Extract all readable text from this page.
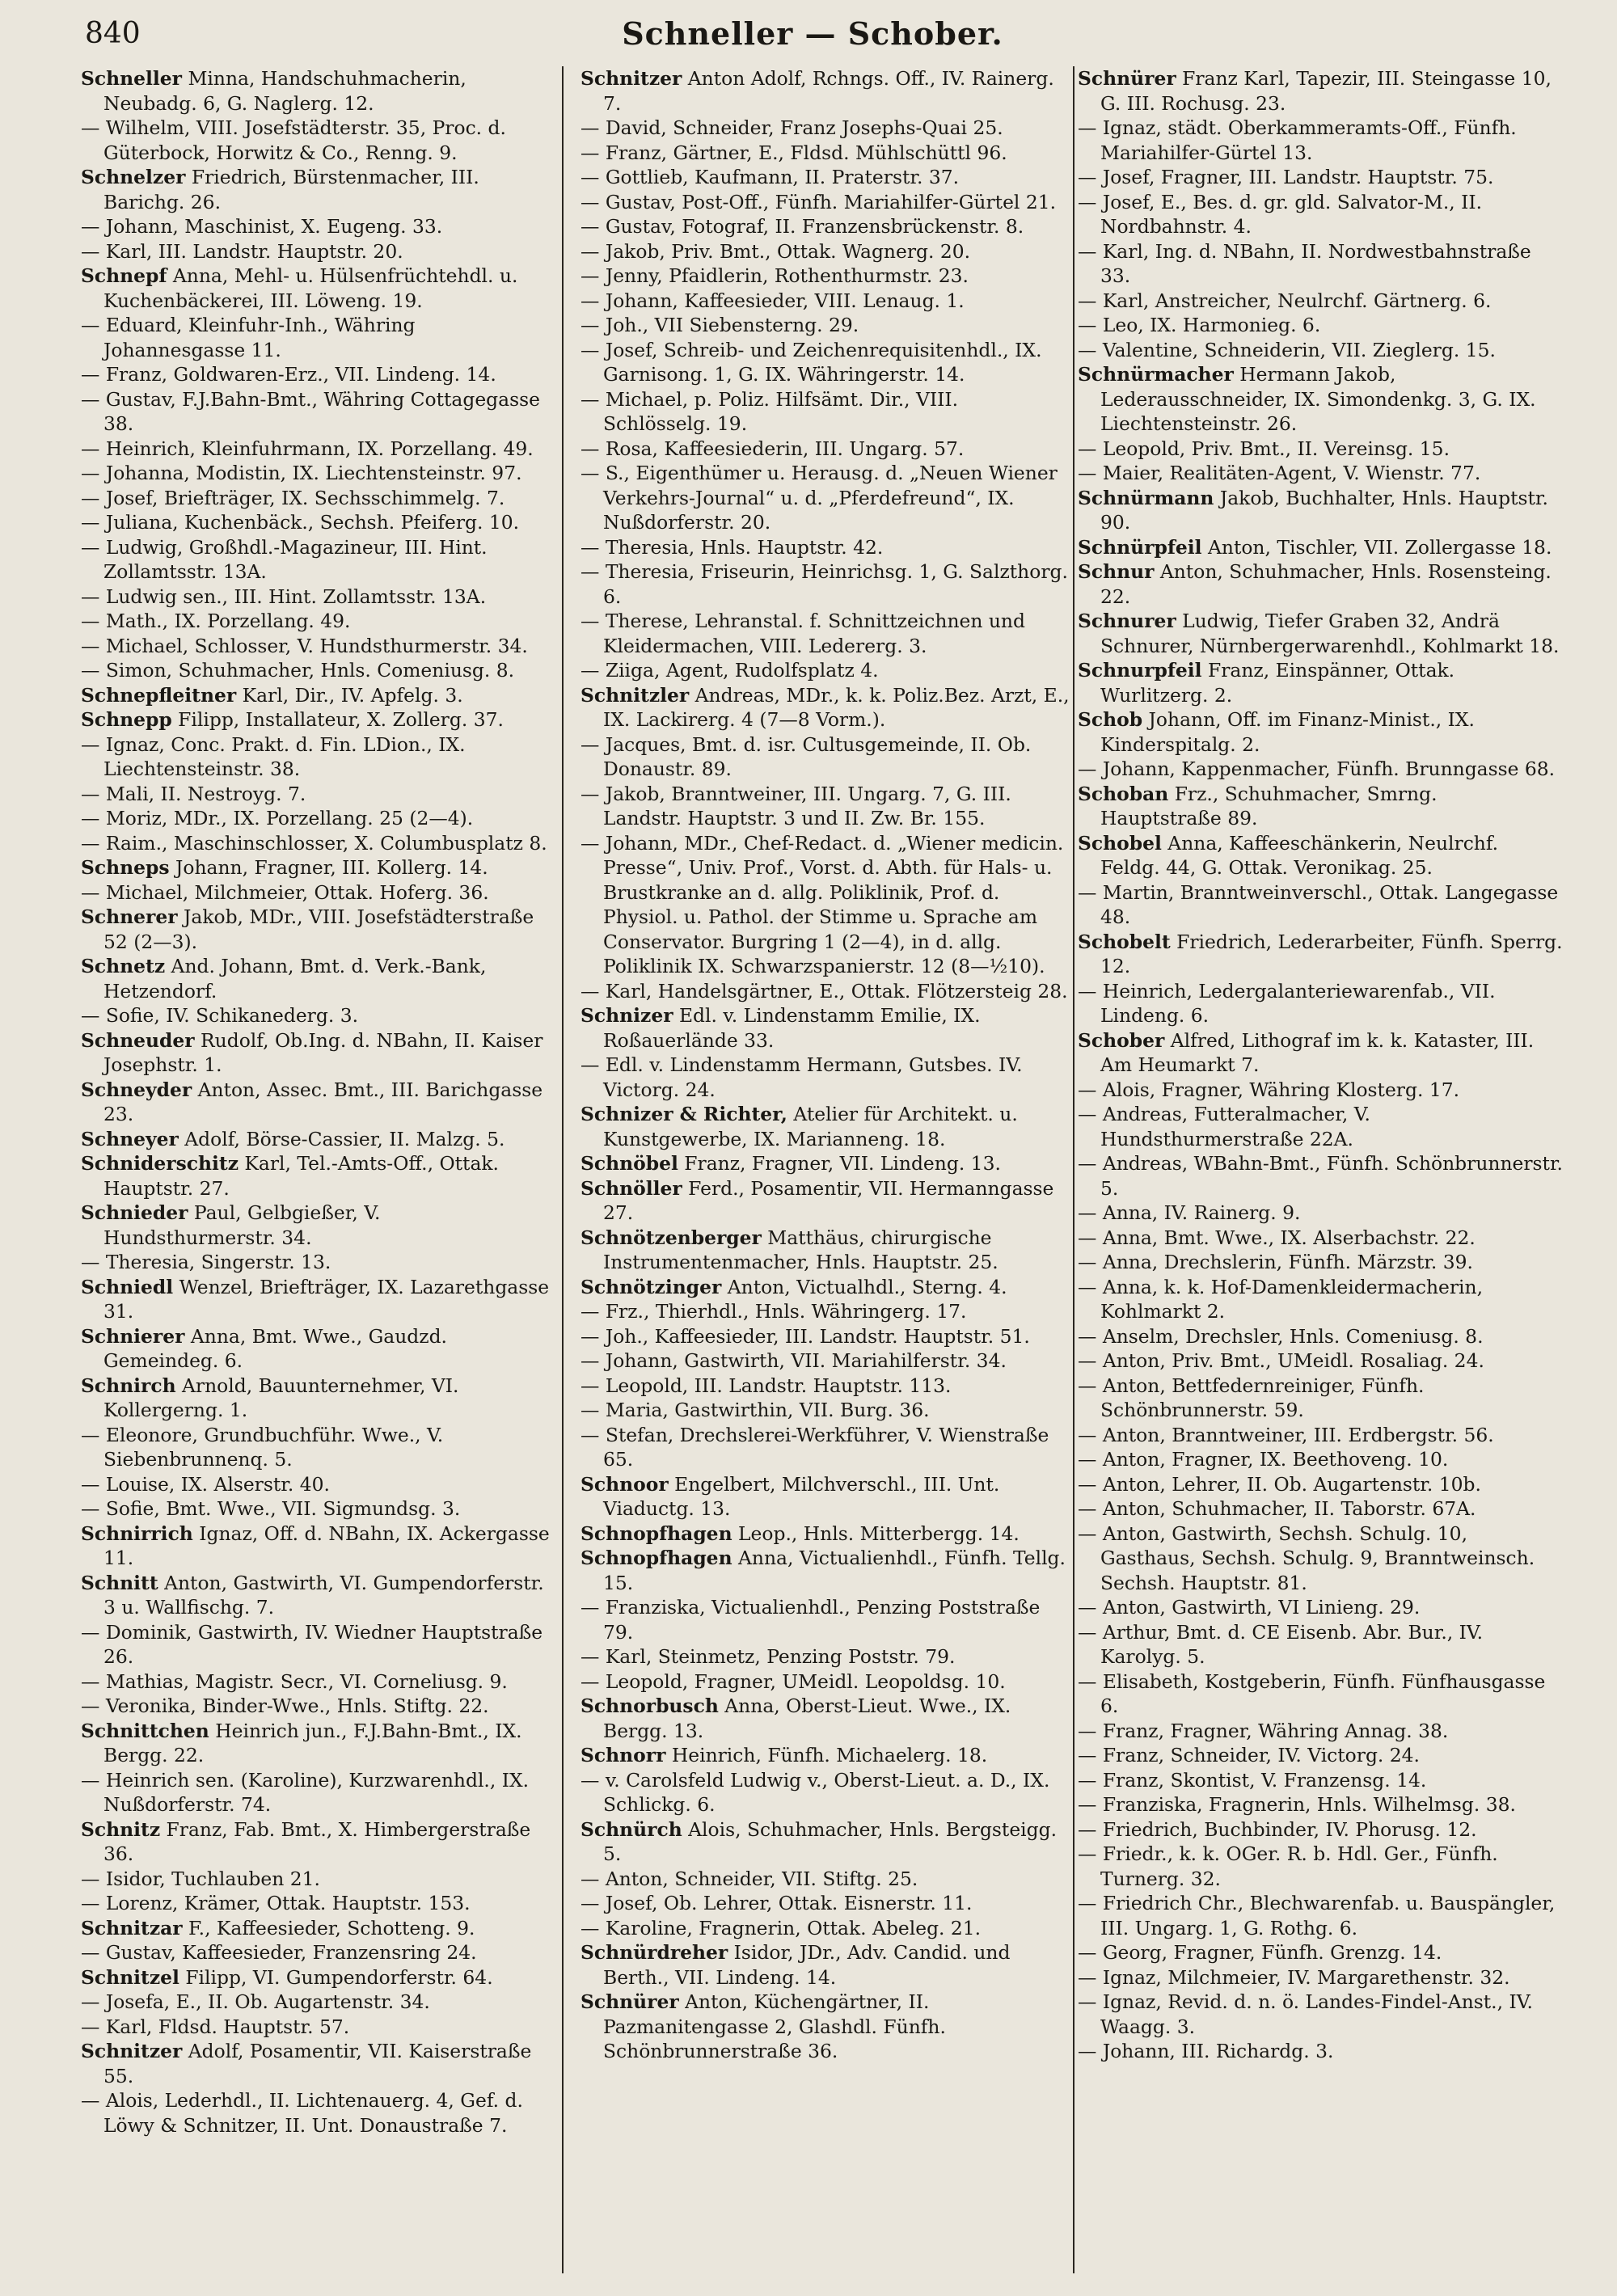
840	Schneller — Schober.
Schneller Minna, Handschuhmacherin, Neubadg. 6, G. Naglerg. 12.
— Wilhelm, VIII. Josefstädterstr. 35, Proc. d. Güterbock, Horwitz & Co., Renng. 9.
Schnelzer Friedrich, Bürstenmacher, III. Barichg. 26.
— Johann, Maschinist, X. Eugeng. 33.
— Karl, III. Landstr. Hauptstr. 20.
Schnepf Anna, Mehl- u. Hülsenfrüchtehdl. u. Kuchenbäckerei, III. Löweng. 19.
— Eduard, Kleinfuhr-Inh., Währing Johannesgasse 11.
— Franz, Goldwaren-Erz., VII. Lindeng. 14.
— Gustav, F.J.Bahn-Bmt., Währing Cottagegasse 38.
— Heinrich, Kleinfuhrmann, IX. Porzellang. 49.
— Johanna, Modistin, IX. Liechtensteinstr. 97.
— Josef, Briefträger, IX. Sechsschimmelg. 7.
— Juliana, Kuchenbäck., Sechsh. Pfeiferg. 10.
— Ludwig, Großhdl.-Magazineur, III. Hint. Zollamtsstr. 13A.
— Ludwig sen., III. Hint. Zollamtsstr. 13A.
— Math., IX. Porzellang. 49.
— Michael, Schlosser, V. Hundsthurmerstr. 34.
— Simon, Schuhmacher, Hnls. Comeniusg. 8.
Schnepfleitner Karl, Dir., IV. Apfelg. 3.
Schnepp Filipp, Installateur, X. Zollerg. 37.
— Ignaz, Conc. Prakt. d. Fin. LDion., IX. Liechtensteinstr. 38.
— Mali, II. Nestroyg. 7.
— Moriz, MDr., IX. Porzellang. 25 (2—4).
— Raim., Maschinschlosser, X. Columbusplatz 8.
Schneps Johann, Fragner, III. Kollerg. 14.
— Michael, Milchmeier, Ottak. Hoferg. 36.
Schnerer Jakob, MDr., VIII. Josefstädterstraße 52 (2—3).
Schnetz And. Johann, Bmt. d. Verk.-Bank, Hetzendorf.
— Sofie, IV. Schikanederg. 3.
Schneuder Rudolf, Ob.Ing. d. NBahn, II. Kaiser Josephstr. 1.
Schneyder Anton, Assec. Bmt., III. Barichgasse 23.
Schneyer Adolf, Börse-Cassier, II. Malzg. 5.
Schniderschitz Karl, Tel.-Amts-Off., Ottak. Hauptstr. 27.
Schnieder Paul, Gelbgießer, V. Hundsthurmerstr. 34.
— Theresia, Singerstr. 13.
Schniedl Wenzel, Briefträger, IX. Lazarethgasse 31.
Schnierer Anna, Bmt. Wwe., Gaudzd. Gemeindeg. 6.
Schnirch Arnold, Bauunternehmer, VI. Kollergerng. 1.
— Eleonore, Grundbuchführ. Wwe., V. Siebenbrunnenq. 5.
— Louise, IX. Alserstr. 40.
— Sofie, Bmt. Wwe., VII. Sigmundsg. 3.
Schnirrich Ignaz, Off. d. NBahn, IX. Ackergasse 11.
Schnitt Anton, Gastwirth, VI. Gumpendorferstr. 3 u. Wallfischg. 7.
— Dominik, Gastwirth, IV. Wiedner Hauptstraße 26.
— Mathias, Magistr. Secr., VI. Corneliusg. 9.
— Veronika, Binder-Wwe., Hnls. Stiftg. 22.
Schnittchen Heinrich jun., F.J.Bahn-Bmt., IX. Bergg. 22.
— Heinrich sen. (Karoline), Kurzwarenhdl., IX. Nußdorferstr. 74.
Schnitz Franz, Fab. Bmt., X. Himbergerstraße 36.
— Isidor, Tuchlauben 21.
— Lorenz, Krämer, Ottak. Hauptstr. 153.
Schnitzar F., Kaffeesieder, Schotteng. 9.
— Gustav, Kaffeesieder, Franzensring 24.
Schnitzel Filipp, VI. Gumpendorferstr. 64.
— Josefa, E., II. Ob. Augartenstr. 34.
— Karl, Fldsd. Hauptstr. 57.
Schnitzer Adolf, Posamentir, VII. Kaiserstraße 55.
— Alois, Lederhdl., II. Lichtenauerg. 4, Gef. d. Löwy & Schnitzer, II. Unt. Donaustraße 7.
Schnitzer Anton Adolf, Rchngs. Off., IV. Rainerg. 7.
— David, Schneider, Franz Josephs-Quai 25.
— Franz, Gärtner, E., Fldsd. Mühlschüttl 96.
— Gottlieb, Kaufmann, II. Praterstr. 37.
— Gustav, Post-Off., Fünfh. Mariahilfer-Gürtel 21.
— Gustav, Fotograf, II. Franzensbrückenstr. 8.
— Jakob, Priv. Bmt., Ottak. Wagnerg. 20.
— Jenny, Pfaidlerin, Rothenthurmstr. 23.
— Johann, Kaffeesieder, VIII. Lenaug. 1.
— Joh., VII Siebensterng. 29.
— Josef, Schreib- und Zeichenrequisitenhdl., IX. Garnisong. 1, G. IX. Währingerstr. 14.
— Michael, p. Poliz. Hilfsämt. Dir., VIII. Schlösselg. 19.
— Rosa, Kaffeesiederin, III. Ungarg. 57.
— S., Eigenthümer u. Herausg. d. „Neuen Wiener Verkehrs-Journal“ u. d. „Pferdefreund“, IX. Nußdorferstr. 20.
— Theresia, Hnls. Hauptstr. 42.
— Theresia, Friseurin, Heinrichsg. 1, G. Salzthorg. 6.
— Therese, Lehranstal. f. Schnittzeichnen und Kleidermachen, VIII. Ledererg. 3.
— Ziiga, Agent, Rudolfsplatz 4.
Schnitzler Andreas, MDr., k. k. Poliz.Bez. Arzt, E., IX. Lackirerg. 4 (7—8 Vorm.).
— Jacques, Bmt. d. isr. Cultusgemeinde, II. Ob. Donaustr. 89.
— Jakob, Branntweiner, III. Ungarg. 7, G. III. Landstr. Hauptstr. 3 und II. Zw. Br. 155.
— Johann, MDr., Chef-Redact. d. „Wiener medicin. Presse“, Univ. Prof., Vorst. d. Abth. für Hals- u. Brustkranke an d. allg. Poliklinik, Prof. d. Physiol. u. Pathol. der Stimme u. Sprache am Conservator. Burgring 1 (2—4), in d. allg. Poliklinik IX. Schwarzspanierstr. 12 (8—½10).
— Karl, Handelsgärtner, E., Ottak. Flötzersteig 28.
Schnizer Edl. v. Lindenstamm Emilie, IX. Roßauerlände 33.
— Edl. v. Lindenstamm Hermann, Gutsbes. IV. Victorg. 24.
Schnizer & Richter, Atelier für Architekt. u. Kunstgewerbe, IX. Marianneng. 18.
Schnöbel Franz, Fragner, VII. Lindeng. 13.
Schnöller Ferd., Posamentir, VII. Hermanngasse 27.
Schnötzenberger Matthäus, chirurgische Instrumentenmacher, Hnls. Hauptstr. 25.
Schnötzinger Anton, Victualhdl., Sterng. 4.
— Frz., Thierhdl., Hnls. Währingerg. 17.
— Joh., Kaffeesieder, III. Landstr. Hauptstr. 51.
— Johann, Gastwirth, VII. Mariahilferstr. 34.
— Leopold, III. Landstr. Hauptstr. 113.
— Maria, Gastwirthin, VII. Burg. 36.
— Stefan, Drechslerei-Werkführer, V. Wienstraße 65.
Schnoor Engelbert, Milchverschl., III. Unt. Viaductg. 13.
Schnopfhagen Leop., Hnls. Mitterbergg. 14.
Schnopfhagen Anna, Victualienhdl., Fünfh. Tellg. 15.
— Franziska, Victualienhdl., Penzing Poststraße 79.
— Karl, Steinmetz, Penzing Poststr. 79.
— Leopold, Fragner, UMeidl. Leopoldsg. 10.
Schnorbusch Anna, Oberst-Lieut. Wwe., IX. Bergg. 13.
Schnorr Heinrich, Fünfh. Michaelerg. 18.
— v. Carolsfeld Ludwig v., Oberst-Lieut. a. D., IX. Schlickg. 6.
Schnürch Alois, Schuhmacher, Hnls. Bergsteigg. 5.
— Anton, Schneider, VII. Stiftg. 25.
— Josef, Ob. Lehrer, Ottak. Eisnerstr. 11.
— Karoline, Fragnerin, Ottak. Abeleg. 21.
Schnürdreher Isidor, JDr., Adv. Candid. und Berth., VII. Lindeng. 14.
Schnürer Anton, Küchengärtner, II. Pazmanitengasse 2, Glashdl. Fünfh. Schönbrunnerstraße 36.
Schnürer Franz Karl, Tapezir, III. Steingasse 10, G. III. Rochusg. 23.
— Ignaz, städt. Oberkammeramts-Off., Fünfh. Mariahilfer-Gürtel 13.
— Josef, Fragner, III. Landstr. Hauptstr. 75.
— Josef, E., Bes. d. gr. gld. Salvator-M., II. Nordbahnstr. 4.
— Karl, Ing. d. NBahn, II. Nordwestbahnstraße 33.
— Karl, Anstreicher, Neulrchf. Gärtnerg. 6.
— Leo, IX. Harmonieg. 6.
— Valentine, Schneiderin, VII. Zieglerg. 15.
Schnürmacher Hermann Jakob, Lederausschneider, IX. Simondenkg. 3, G. IX. Liechtensteinstr. 26.
— Leopold, Priv. Bmt., II. Vereinsg. 15.
— Maier, Realitäten-Agent, V. Wienstr. 77.
Schnürmann Jakob, Buchhalter, Hnls. Hauptstr. 90.
Schnürpfeil Anton, Tischler, VII. Zollergasse 18.
Schnur Anton, Schuhmacher, Hnls. Rosensteing. 22.
Schnurer Ludwig, Tiefer Graben 32, Andrä Schnurer, Nürnbergerwarenhdl., Kohlmarkt 18.
Schnurpfeil Franz, Einspänner, Ottak. Wurlitzerg. 2.
Schob Johann, Off. im Finanz-Minist., IX. Kinderspitalg. 2.
— Johann, Kappenmacher, Fünfh. Brunngasse 68.
Schoban Frz., Schuhmacher, Smrng. Hauptstraße 89.
Schobel Anna, Kaffeeschänkerin, Neulrchf. Feldg. 44, G. Ottak. Veronikag. 25.
— Martin, Branntweinverschl., Ottak. Langegasse 48.
Schobelt Friedrich, Lederarbeiter, Fünfh. Sperrg. 12.
— Heinrich, Ledergalanteriewarenfab., VII. Lindeng. 6.
Schober Alfred, Lithograf im k. k. Kataster, III. Am Heumarkt 7.
— Alois, Fragner, Währing Klosterg. 17.
— Andreas, Futteralmacher, V. Hundsthurmerstraße 22A.
— Andreas, WBahn-Bmt., Fünfh. Schönbrunnerstr. 5.
— Anna, IV. Rainerg. 9.
— Anna, Bmt. Wwe., IX. Alserbachstr. 22.
— Anna, Drechslerin, Fünfh. Märzstr. 39.
— Anna, k. k. Hof-Damenkleidermacherin, Kohlmarkt 2.
— Anselm, Drechsler, Hnls. Comeniusg. 8.
— Anton, Priv. Bmt., UMeidl. Rosaliag. 24.
— Anton, Bettfedernreiniger, Fünfh. Schönbrunnerstr. 59.
— Anton, Branntweiner, III. Erdbergstr. 56.
— Anton, Fragner, IX. Beethoveng. 10.
— Anton, Lehrer, II. Ob. Augartenstr. 10b.
— Anton, Schuhmacher, II. Taborstr. 67A.
— Anton, Gastwirth, Sechsh. Schulg. 10, Gasthaus, Sechsh. Schulg. 9, Branntweinsch. Sechsh. Hauptstr. 81.
— Anton, Gastwirth, VI Linieng. 29.
— Arthur, Bmt. d. CE Eisenb. Abr. Bur., IV. Karolyg. 5.
— Elisabeth, Kostgeberin, Fünfh. Fünfhausgasse 6.
— Franz, Fragner, Währing Annag. 38.
— Franz, Schneider, IV. Victorg. 24.
— Franz, Skontist, V. Franzensg. 14.
— Franziska, Fragnerin, Hnls. Wilhelmsg. 38.
— Friedrich, Buchbinder, IV. Phorusg. 12.
— Friedr., k. k. OGer. R. b. Hdl. Ger., Fünfh. Turnerg. 32.
— Friedrich Chr., Blechwarenfab. u. Bauspängler, III. Ungarg. 1, G. Rothg. 6.
— Georg, Fragner, Fünfh. Grenzg. 14.
— Ignaz, Milchmeier, IV. Margarethenstr. 32.
— Ignaz, Revid. d. n. ö. Landes-Findel-Anst., IV. Waagg. 3.
— Johann, III. Richardg. 3.
